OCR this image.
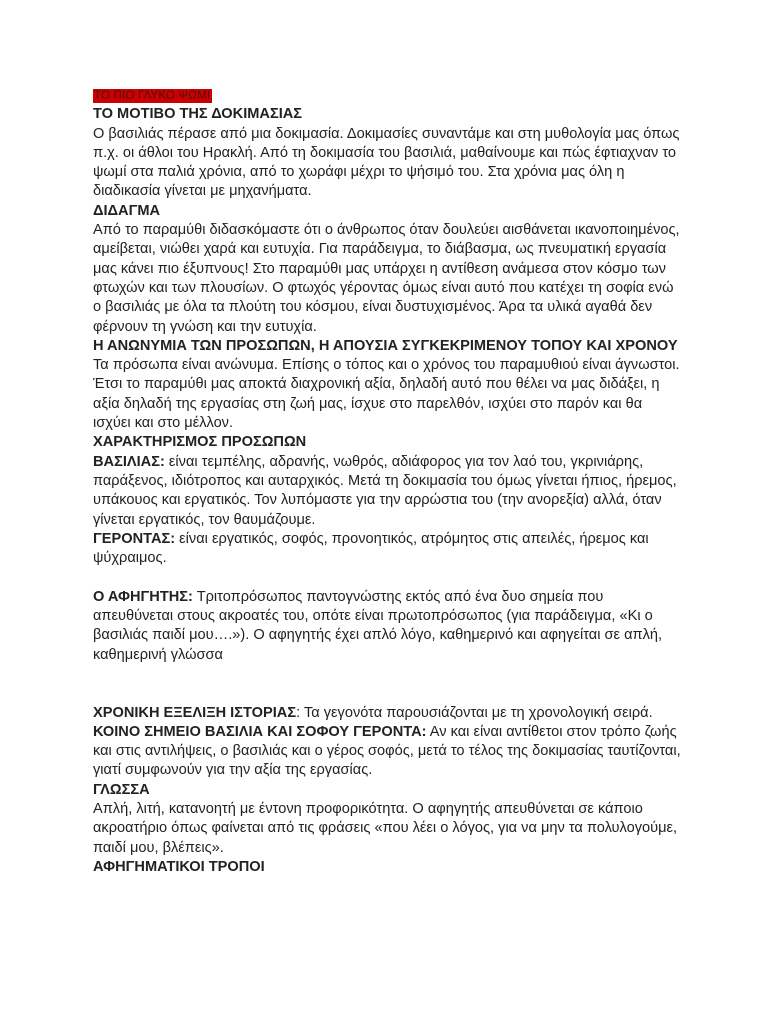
ΤΟ ΠΙΟ ΓΛΥΚΟ ΨΩΜΙ
ΤΟ ΜΟΤΙΒΟ ΤΗΣ ΔΟΚΙΜΑΣΙΑΣ
Ο βασιλιάς πέρασε από μια δοκιμασία. Δοκιμασίες συναντάμε και στη μυθολογία μας όπως π.χ. οι άθλοι του Ηρακλή. Από τη δοκιμασία του βασιλιά, μαθαίνουμε και πώς έφτιαχναν το ψωμί στα παλιά χρόνια, από το χωράφι μέχρι το ψήσιμό του. Στα χρόνια μας όλη η διαδικασία γίνεται με μηχανήματα.
ΔΙΔΑΓΜΑ
Από το παραμύθι διδασκόμαστε ότι ο άνθρωπος όταν δουλεύει αισθάνεται ικανοποιημένος, αμείβεται, νιώθει χαρά και ευτυχία. Για παράδειγμα, το διάβασμα, ως πνευματική εργασία μας κάνει πιο έξυπνους! Στο παραμύθι μας υπάρχει η αντίθεση ανάμεσα στον κόσμο των φτωχών και των πλουσίων. Ο φτωχός γέροντας όμως είναι αυτό που κατέχει τη σοφία ενώ ο βασιλιάς με όλα τα πλούτη του κόσμου, είναι δυστυχισμένος. Άρα τα υλικά αγαθά δεν φέρνουν τη γνώση και την ευτυχία.
Η ΑΝΩΝΥΜΙΑ ΤΩΝ ΠΡΟΣΩΠΩΝ, Η ΑΠΟΥΣΙΑ ΣΥΓΚΕΚΡΙΜΕΝΟΥ ΤΟΠΟΥ ΚΑΙ ΧΡΟΝΟΥ
Τα πρόσωπα είναι ανώνυμα. Επίσης ο τόπος και ο χρόνος του παραμυθιού είναι άγνωστοι. Έτσι το παραμύθι μας αποκτά διαχρονική αξία, δηλαδή αυτό που θέλει να μας διδάξει, η αξία δηλαδή της εργασίας στη ζωή μας, ίσχυε στο παρελθόν, ισχύει στο παρόν και θα ισχύει και στο μέλλον.
ΧΑΡΑΚΤΗΡΙΣΜΟΣ ΠΡΟΣΩΠΩΝ
ΒΑΣΙΛΙΑΣ: είναι τεμπέλης, αδρανής, νωθρός, αδιάφορος για τον λαό του, γκρινιάρης, παράξενος, ιδιότροπος και αυταρχικός. Μετά τη δοκιμασία του όμως γίνεται ήπιος, ήρεμος, υπάκουος και εργατικός. Τον λυπόμαστε για την αρρώστια του (την ανορεξία) αλλά, όταν γίνεται εργατικός, τον θαυμάζουμε.
ΓΕΡΟΝΤΑΣ: είναι εργατικός, σοφός, προνοητικός, ατρόμητος στις απειλές, ήρεμος και ψύχραιμος.
Ο ΑΦΗΓΗΤΗΣ: Τριτοπρόσωπος παντογνώστης εκτός από ένα δυο σημεία που απευθύνεται στους ακροατές του, οπότε είναι πρωτοπρόσωπος (για παράδειγμα, «Κι ο βασιλιάς παιδί μου….»). Ο αφηγητής έχει απλό λόγο, καθημερινό και αφηγείται σε απλή, καθημερινή γλώσσα
ΧΡΟΝΙΚΗ ΕΞΕΛΙΞΗ ΙΣΤΟΡΙΑΣ: Τα γεγονότα παρουσιάζονται με τη χρονολογική σειρά.
ΚΟΙΝΟ ΣΗΜΕΙΟ ΒΑΣΙΛΙΑ ΚΑΙ ΣΟΦΟΥ ΓΕΡΟΝΤΑ: Αν και είναι αντίθετοι στον τρόπο ζωής και στις αντιλήψεις, ο βασιλιάς και ο γέρος σοφός, μετά το τέλος της δοκιμασίας ταυτίζονται, γιατί συμφωνούν για την αξία της εργασίας.
ΓΛΩΣΣΑ
Απλή, λιτή, κατανοητή με έντονη προφορικότητα. Ο αφηγητής απευθύνεται σε κάποιο ακροατήριο όπως φαίνεται από τις φράσεις «που λέει ο λόγος, για να μην τα πολυλογούμε, παιδί μου, βλέπεις».
ΑΦΗΓΗΜΑΤΙΚΟΙ ΤΡΟΠΟΙ
